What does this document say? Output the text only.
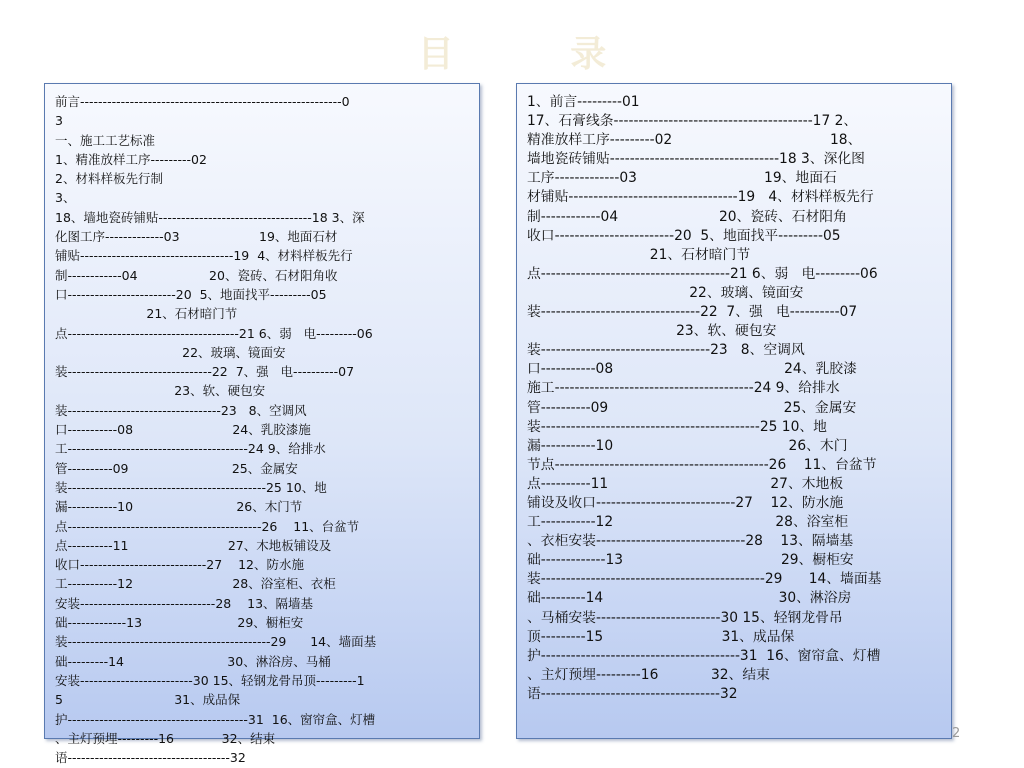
目 录
前言----------------------------------------------------------0
3
一、施工工艺标准
1、精准放样工序---------02
2、材料样板先行制
3、
18、墙地瓷砖铺贴----------------------------------18 3、深
化图工序-------------03                    19、地面石材
铺贴----------------------------------19  4、材料样板先行
制------------04                  20、瓷砖、石材阳角收
口------------------------20  5、地面找平---------05
21、石材暗门节
点--------------------------------------21 6、弱   电---------06
22、玻璃、镜面安
装--------------------------------22  7、强   电----------07
23、软、硬包安
装----------------------------------23   8、空调风
口-----------08                         24、乳胶漆施
工----------------------------------------24 9、给排水
管----------09                          25、金属安
装--------------------------------------------25 10、地
漏-----------10                          26、木门节
点-------------------------------------------26    11、台盆节
点----------11                         27、木地板铺设及
收口----------------------------27    12、防水施
工-----------12                         28、浴室柜、衣柜
安装------------------------------28    13、隔墙基
础-------------13                        29、橱柜安
装---------------------------------------------29      14、墙面基
础---------14                          30、淋浴房、马桶
安装-------------------------30 15、轻钢龙骨吊顶---------1
5                            31、成品保
护----------------------------------------31  16、窗帘盒、灯槽
、主灯预埋---------16            32、结束
语------------------------------------32
1、前言---------01
17、石膏线条----------------------------------------17 2、
精准放样工序---------02                                    18、
墙地瓷砖铺贴----------------------------------18 3、深化图
工序-------------03                             19、地面石
材铺贴----------------------------------19   4、材料样板先行
制------------04                       20、瓷砖、石材阳角
收口------------------------20  5、地面找平---------05
21、石材暗门节
点--------------------------------------21 6、弱   电---------06
22、玻璃、镜面安
装--------------------------------22  7、强   电----------07
23、软、硬包安
装----------------------------------23   8、空调风
口-----------08                                       24、乳胶漆
施工----------------------------------------24 9、给排水
管----------09                                        25、金属安
装--------------------------------------------25 10、地
漏-----------10                                        26、木门
节点-------------------------------------------26    11、台盆节
点----------11                                     27、木地板
铺设及收口----------------------------27    12、防水施
工-----------12                                     28、浴室柜
、衣柜安装------------------------------28    13、隔墙基
础-------------13                                    29、橱柜安
装---------------------------------------------29      14、墙面基
础---------14                                        30、淋浴房
、马桶安装-------------------------30 15、轻钢龙骨吊
顶---------15                           31、成品保
护----------------------------------------31  16、窗帘盒、灯槽
、主灯预埋---------16            32、结束
语------------------------------------32
2
